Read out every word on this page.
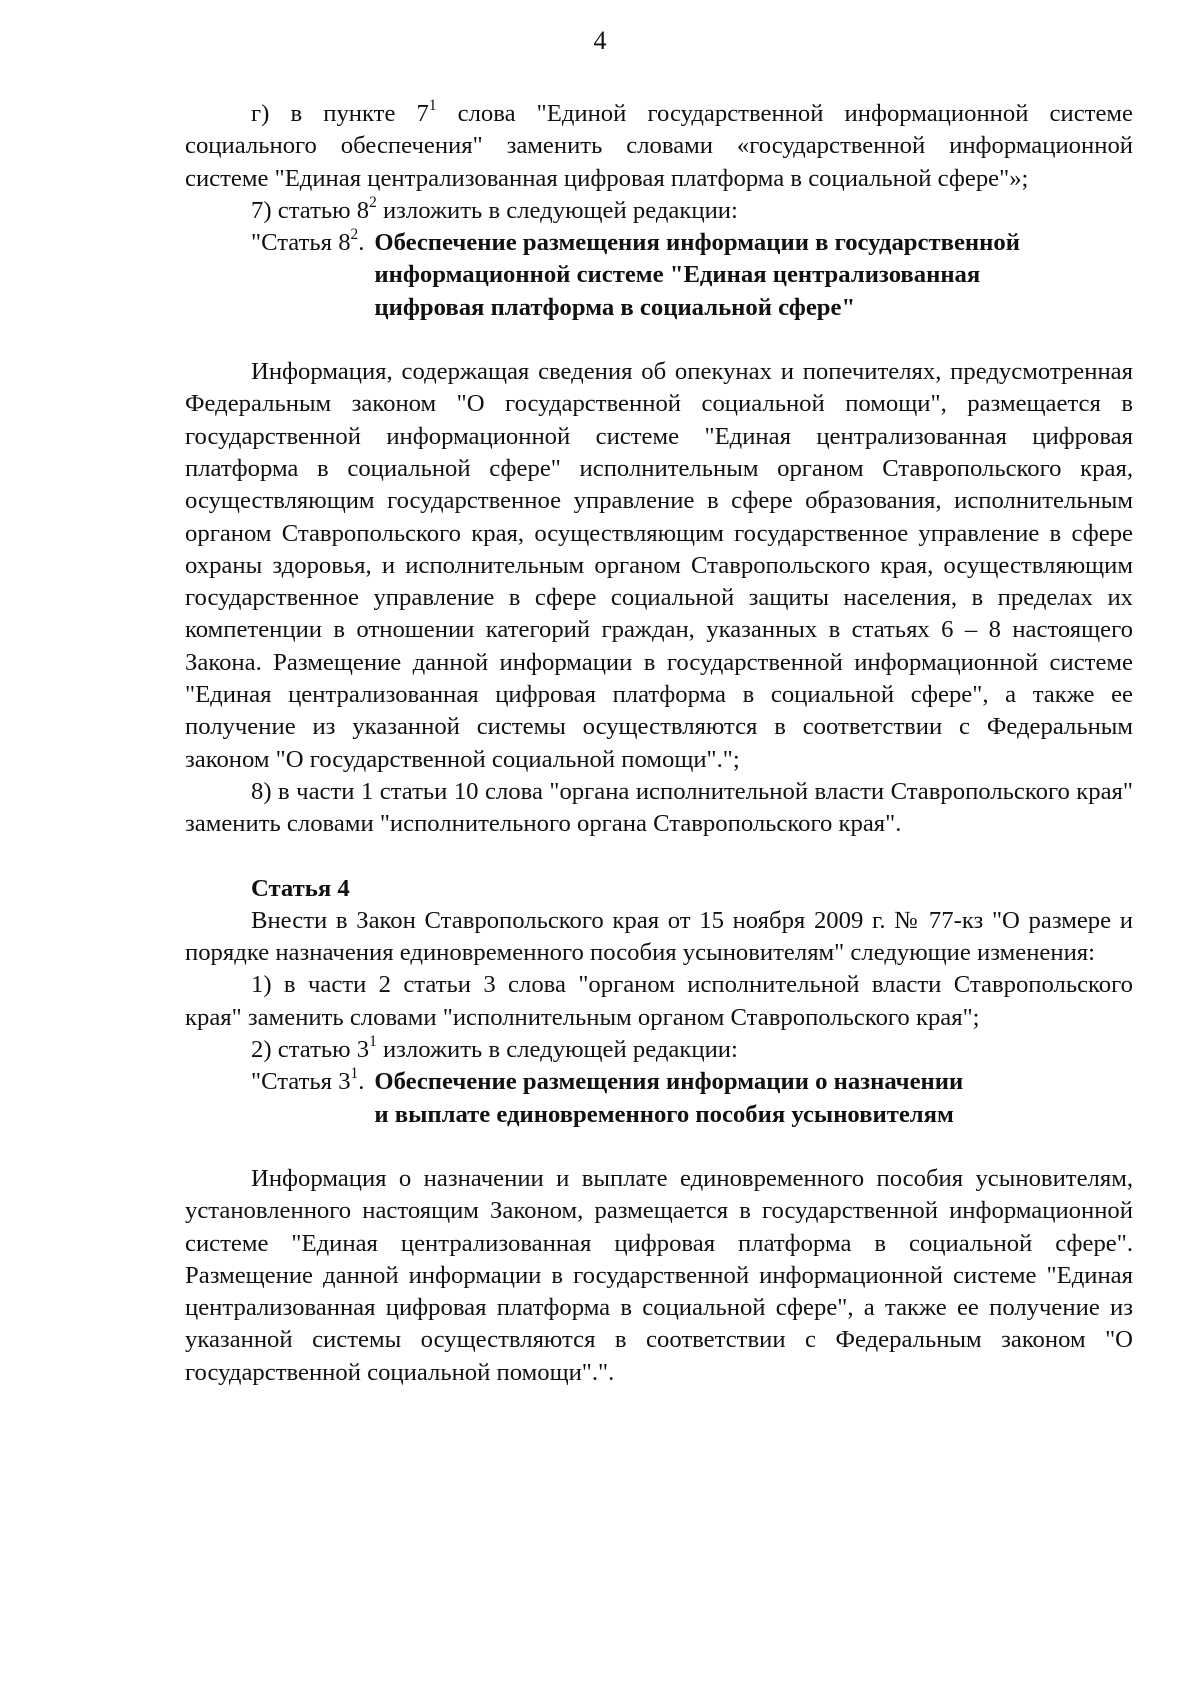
4

г) в пункте $7^1$ слова "Единой государственной информационной системе социального обеспечения" заменить словами «государственной информационной системе "Единая централизованная цифровая платформа в социальной сфере"»;

7) статью $8^2$ изложить в следующей редакции:

"Статья $8^2$. Обеспечение размещения информации в государственной
информационной системе "Единая централизованная
цифровая платформа в социальной сфере"

Информация, содержащая сведения об опекунах и попечителях, предусмотренная Федеральным законом "О государственной социальной помощи", размещается в государственной информационной системе "Единая централизованная цифровая платформа в социальной сфере" исполнительным органом Ставропольского края, осуществляющим государственное управление в сфере образования, исполнительным органом Ставропольского края, осуществляющим государственное управление в сфере охраны здоровья, и исполнительным органом Ставропольского края, осуществляющим государственное управление в сфере социальной защиты населения, в пределах их компетенции в отношении категорий граждан, указанных в статьях 6 – 8 настоящего Закона. Размещение данной информации в государственной информационной системе "Единая централизованная цифровая платформа в социальной сфере", а также ее получение из указанной системы осуществляются в соответствии с Федеральным законом "О государственной социальной помощи".";

8) в части 1 статьи 10 слова "органа исполнительной власти Ставропольского края" заменить словами "исполнительного органа Ставропольского края".

Статья 4

Внести в Закон Ставропольского края от 15 ноября 2009 г. № 77-кз "О размере и порядке назначения единовременного пособия усыновителям" следующие изменения:

1) в части 2 статьи 3 слова "органом исполнительной власти Ставропольского края" заменить словами "исполнительным органом Ставропольского края";

2) статью $3^1$ изложить в следующей редакции:

"Статья $3^1$. Обеспечение размещения информации о назначении
и выплате единовременного пособия усыновителям

Информация о назначении и выплате единовременного пособия усыновителям, установленного настоящим Законом, размещается в государственной информационной системе "Единая централизованная цифровая платформа в социальной сфере". Размещение данной информации в государственной информационной системе "Единая централизованная цифровая платформа в социальной сфере", а также ее получение из указанной системы осуществляются в соответствии с Федеральным законом "О государственной социальной помощи".".
